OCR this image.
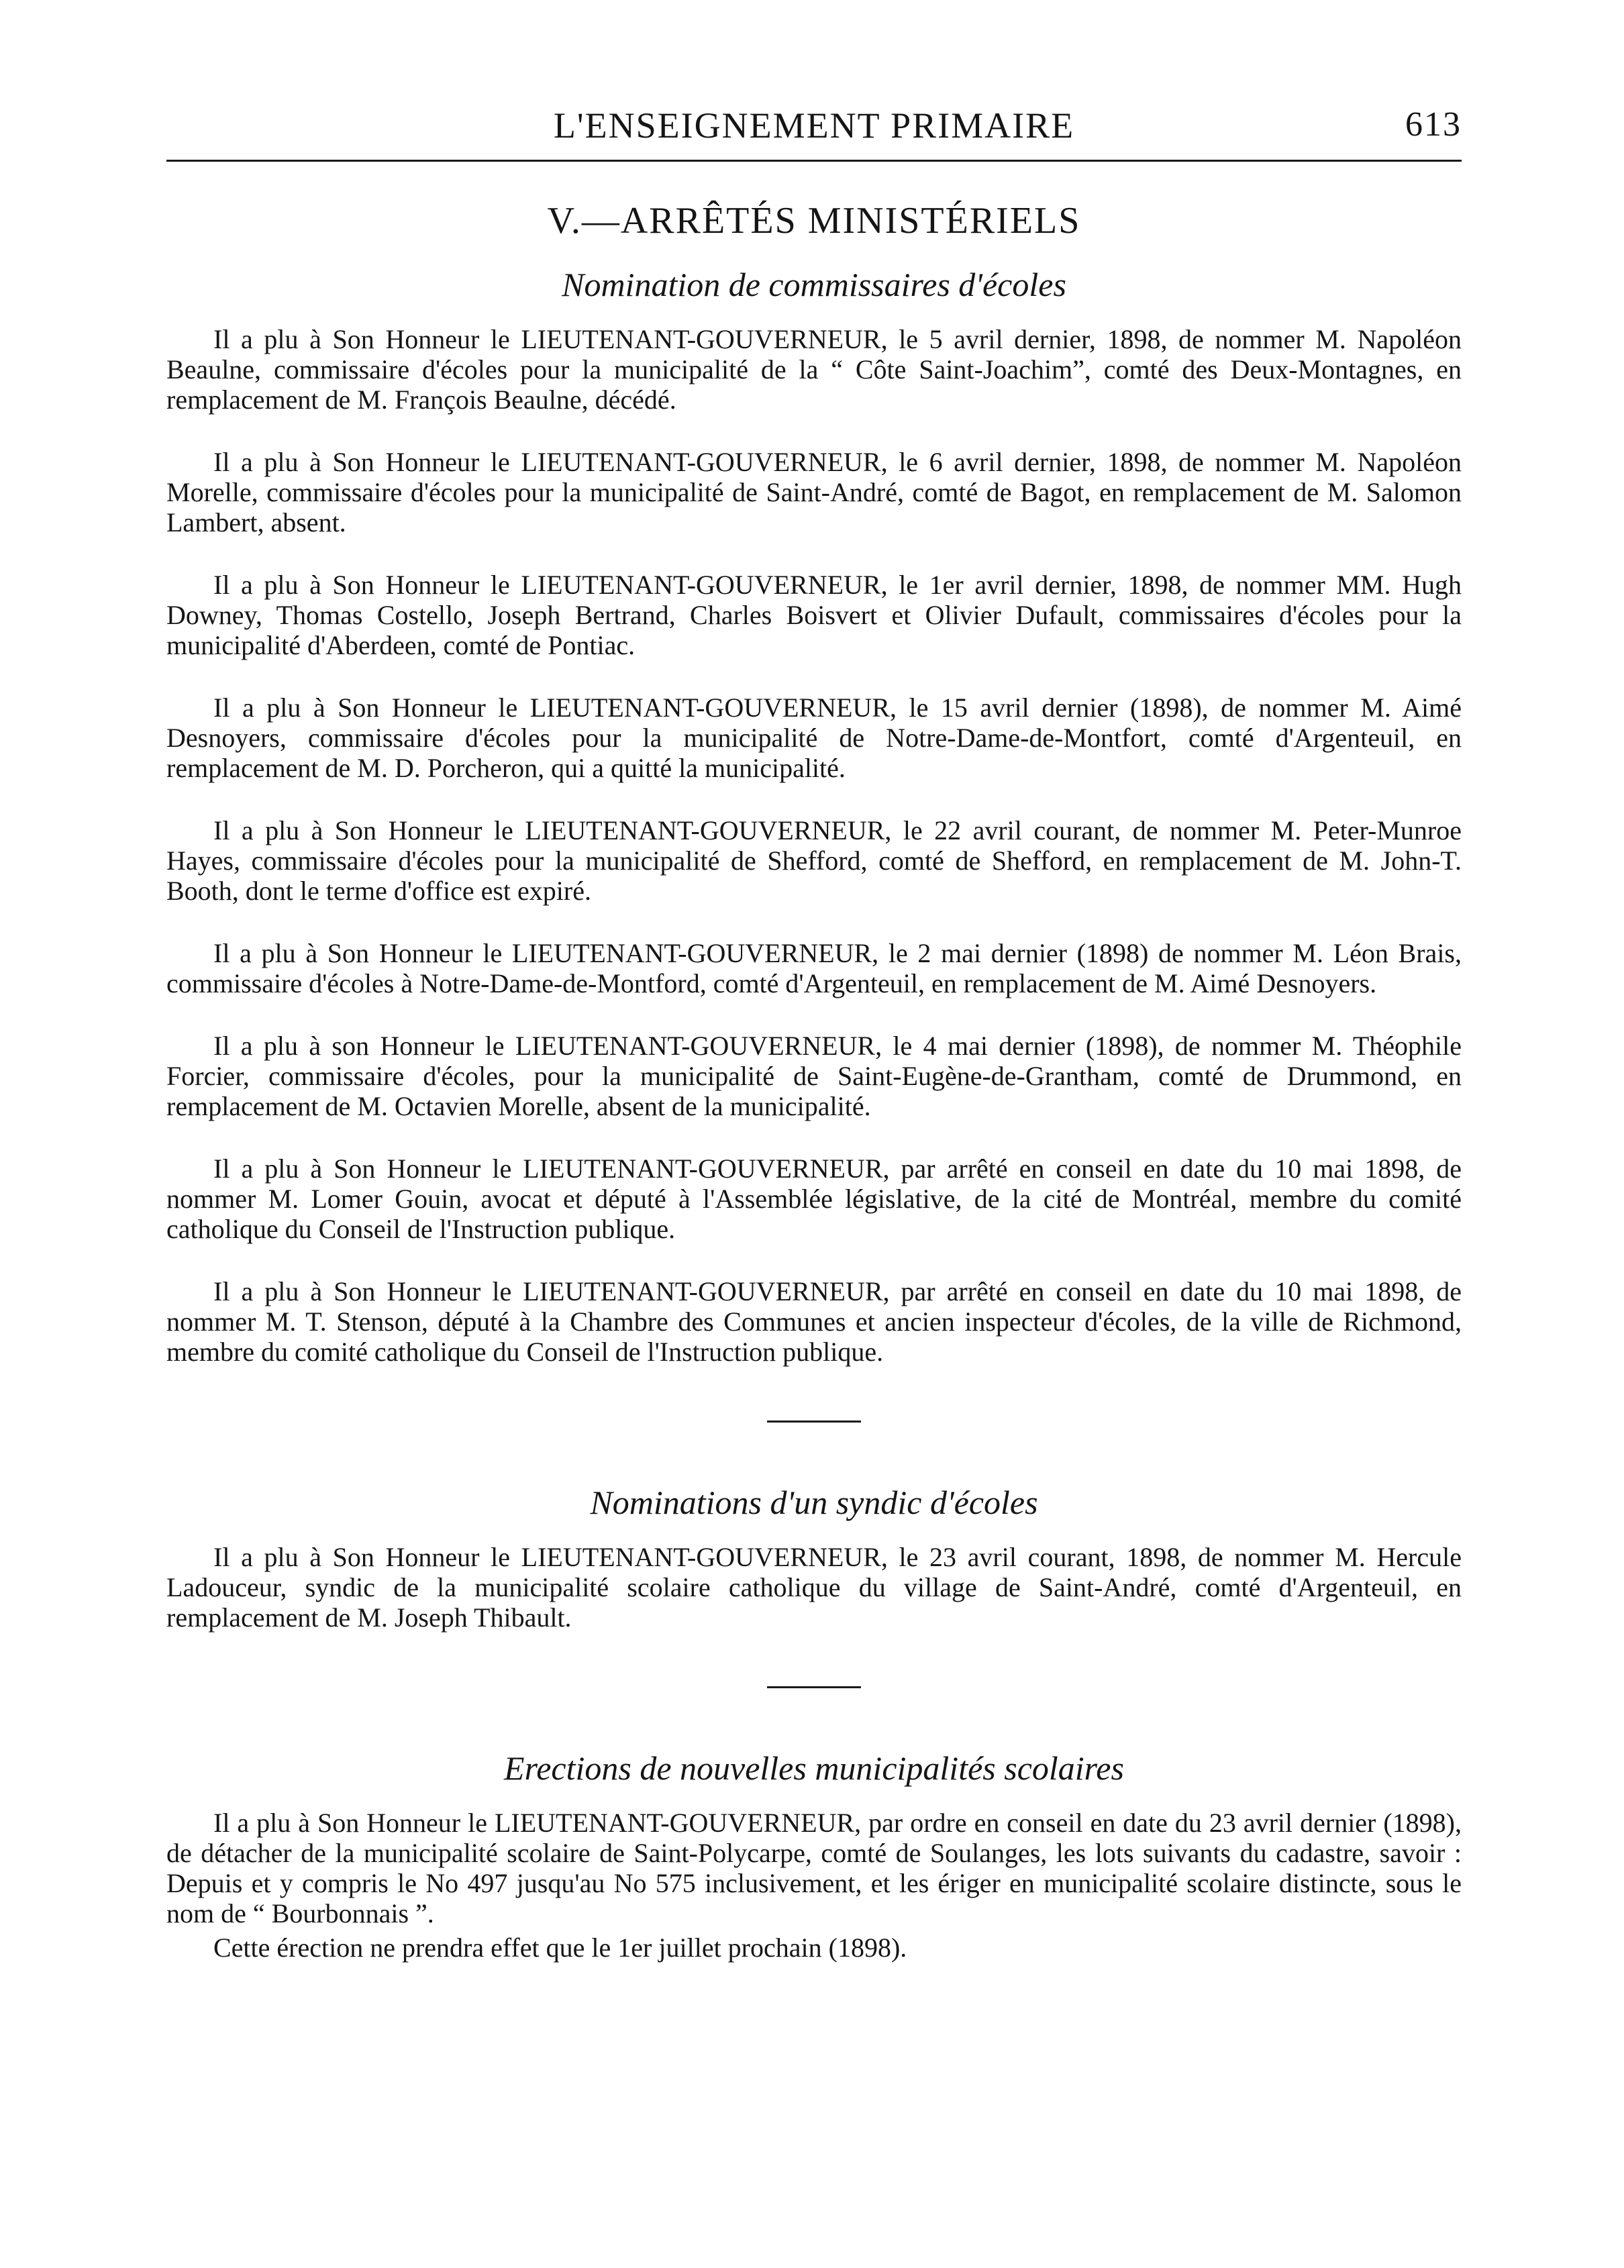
L'ENSEIGNEMENT PRIMAIRE	613
V.—ARRÊTÉS MINISTÉRIELS
Nomination de commissaires d'écoles

Il a plu à Son Honneur le LIEUTENANT-GOUVERNEUR, le 5 avril dernier, 1898, de nommer M. Napoléon Beaulne, commissaire d'écoles pour la municipalité de la “ Côte Saint-Joachim”, comté des Deux-Montagnes, en remplacement de M. François Beaulne, décédé.

Il a plu à Son Honneur le LIEUTENANT-GOUVERNEUR, le 6 avril dernier, 1898, de nommer M. Napoléon Morelle, commissaire d'écoles pour la municipalité de Saint-André, comté de Bagot, en remplacement de M. Salomon Lambert, absent.

Il a plu à Son Honneur le LIEUTENANT-GOUVERNEUR, le 1er avril dernier, 1898, de nommer MM. Hugh Downey, Thomas Costello, Joseph Bertrand, Charles Boisvert et Olivier Dufault, commissaires d'écoles pour la municipalité d'Aberdeen, comté de Pontiac.

Il a plu à Son Honneur le LIEUTENANT-GOUVERNEUR, le 15 avril dernier (1898), de nommer M. Aimé Desnoyers, commissaire d'écoles pour la municipalité de Notre-Dame-de-Montfort, comté d'Argenteuil, en remplacement de M. D. Porcheron, qui a quitté la municipalité.

Il a plu à Son Honneur le LIEUTENANT-GOUVERNEUR, le 22 avril courant, de nommer M. Peter-Munroe Hayes, commissaire d'écoles pour la municipalité de Shefford, comté de Shefford, en remplacement de M. John-T. Booth, dont le terme d'office est expiré.

Il a plu à Son Honneur le LIEUTENANT-GOUVERNEUR, le 2 mai dernier (1898) de nommer M. Léon Brais, commissaire d'écoles à Notre-Dame-de-Montford, comté d'Argenteuil, en remplacement de M. Aimé Desnoyers.

Il a plu à son Honneur le LIEUTENANT-GOUVERNEUR, le 4 mai dernier (1898), de nommer M. Théophile Forcier, commissaire d'écoles, pour la municipalité de Saint-Eugène-de-Grantham, comté de Drummond, en remplacement de M. Octavien Morelle, absent de la municipalité.

Il a plu à Son Honneur le LIEUTENANT-GOUVERNEUR, par arrêté en conseil en date du 10 mai 1898, de nommer M. Lomer Gouin, avocat et député à l'Assemblée législative, de la cité de Montréal, membre du comité catholique du Conseil de l'Instruction publique.

Il a plu à Son Honneur le LIEUTENANT-GOUVERNEUR, par arrêté en conseil en date du 10 mai 1898, de nommer M. T. Stenson, député à la Chambre des Communes et ancien inspecteur d'écoles, de la ville de Richmond, membre du comité catholique du Conseil de l'Instruction publique.

Nominations d'un syndic d'écoles

Il a plu à Son Honneur le LIEUTENANT-GOUVERNEUR, le 23 avril courant, 1898, de nommer M. Hercule Ladouceur, syndic de la municipalité scolaire catholique du village de Saint-André, comté d'Argenteuil, en remplacement de M. Joseph Thibault.

Erections de nouvelles municipalités scolaires

Il a plu à Son Honneur le LIEUTENANT-GOUVERNEUR, par ordre en conseil en date du 23 avril dernier (1898), de détacher de la municipalité scolaire de Saint-Polycarpe, comté de Soulanges, les lots suivants du cadastre, savoir : Depuis et y compris le No 497 jusqu'au No 575 inclusivement, et les ériger en municipalité scolaire distincte, sous le nom de “ Bourbonnais ”.

Cette érection ne prendra effet que le 1er juillet prochain (1898).
